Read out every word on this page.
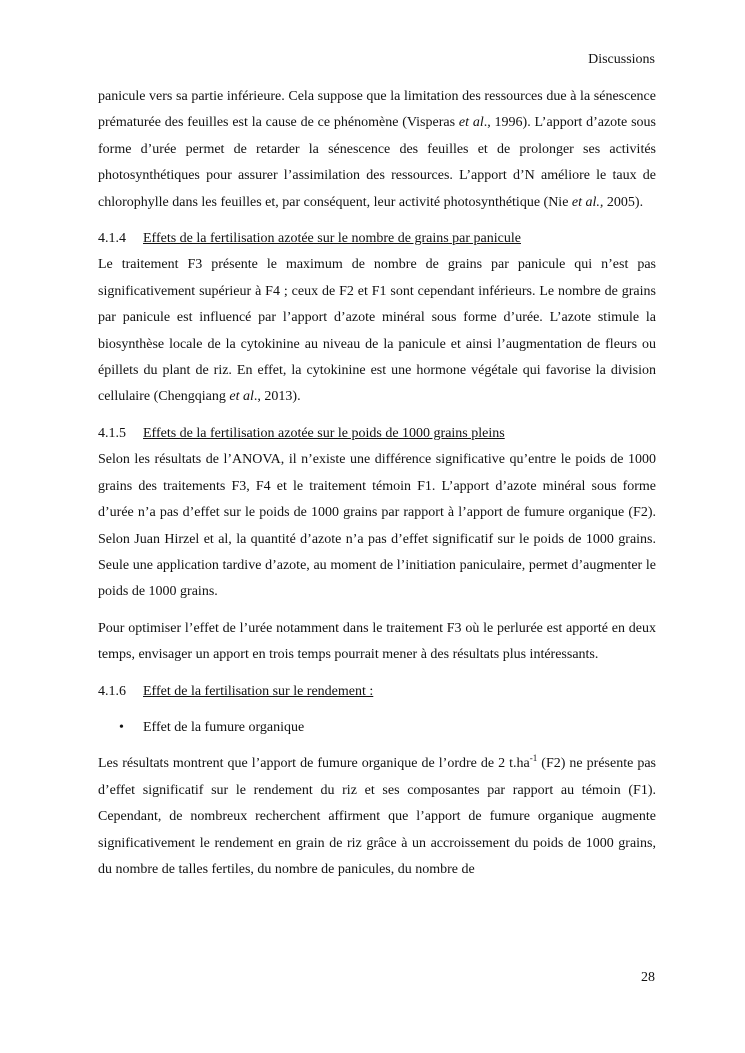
Discussions

panicule vers sa partie inférieure. Cela suppose que la limitation des ressources due à la sénescence prématurée des feuilles est la cause de ce phénomène (Visperas et al., 1996). L’apport d’azote sous forme d’urée permet de retarder la sénescence des feuilles et de prolonger ses activités photosynthétiques pour assurer l’assimilation des ressources. L’apport d’N améliore le taux de chlorophylle dans les feuilles et, par conséquent, leur activité photosynthétique (Nie et al., 2005).

4.1.4 Effets de la fertilisation azotée sur le nombre de grains par panicule

Le traitement F3 présente le maximum de nombre de grains par panicule qui n’est pas significativement supérieur à F4 ; ceux de F2 et F1 sont cependant inférieurs. Le nombre de grains par panicule est influencé par l’apport d’azote minéral sous forme d’urée. L’azote stimule la biosynthèse locale de la cytokinine au niveau de la panicule et ainsi l’augmentation de fleurs ou épillets du plant de riz. En effet, la cytokinine est une hormone végétale qui favorise la division cellulaire (Chengqiang et al., 2013).

4.1.5 Effets de la fertilisation azotée sur le poids de 1000 grains pleins

Selon les résultats de l’ANOVA, il n’existe une différence significative qu’entre le poids de 1000 grains des traitements F3, F4 et le traitement témoin F1. L’apport d’azote minéral sous forme d’urée n’a pas d’effet sur le poids de 1000 grains par rapport à l’apport de fumure organique (F2). Selon Juan Hirzel et al, la quantité d’azote n’a pas d’effet significatif sur le poids de 1000 grains. Seule une application tardive d’azote, au moment de l’initiation paniculaire, permet d’augmenter le poids de 1000 grains.

Pour optimiser l’effet de l’urée notamment dans le traitement F3 où le perlurée est apporté en deux temps, envisager un apport en trois temps pourrait mener à des résultats plus intéressants.

4.1.6 Effet de la fertilisation sur le rendement :
• Effet de la fumure organique

Les résultats montrent que l’apport de fumure organique de l’ordre de 2 $t.ha^{-1}$ (F2) ne présente pas d’effet significatif sur le rendement du riz et ses composantes par rapport au témoin (F1). Cependant, de nombreux recherchent affirment que l’apport de fumure organique augmente significativement le rendement en grain de riz grâce à un accroissement du poids de 1000 grains, du nombre de talles fertiles, du nombre de panicules, du nombre de

28
